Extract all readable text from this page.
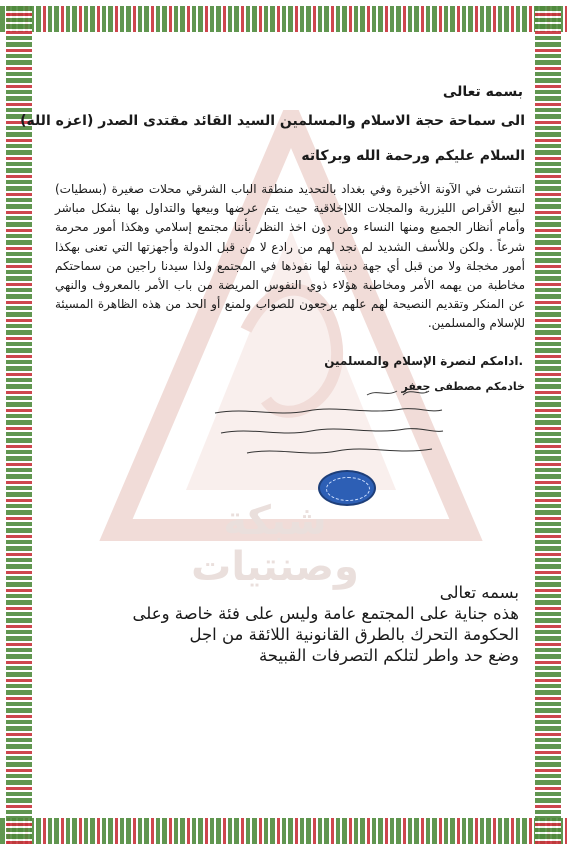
شبكة وصنتيات
بسمه تعالى
الى سماحة حجة الاسلام والمسلمين السيد القائد مقتدى الصدر (اعزه الله)
السلام عليكم ورحمة الله وبركاته
انتشرت في الآونة الأخيرة وفي بغداد بالتحديد منطقة الباب الشرقي محلات صغيرة (بسطيات) لبيع الأقراص الليزرية والمجلات اللاإخلاقية حيث يتم عرضها وبيعها والتداول بها بشكل مباشر وأمام أنظار الجميع ومنها النساء ومن دون اخذ النظر بأننا مجتمع إسلامي وهكذا أمور محرمة شرعاً . ولكن وللأسف الشديد لم نجد لهم من رادع لا من قبل الدولة وأجهزتها التي تعنى بهكذا أمور مخجلة ولا من قبل أي جهة دينية لها نفوذها في المجتمع ولذا سيدنا راجين من سماحتكم مخاطبة من يهمه الأمر ومخاطبة هؤلاء ذوي النفوس المريضة من باب الأمر بالمعروف والنهي عن المنكر وتقديم النصيحة لهم علهم يرجعون للصواب ولمنع أو الحد من هذه الظاهرة المسيئة للإسلام والمسلمين.
ادامكم لنصرة الإسلام والمسلمين.
خادمكم مصطفى جعفر
بسمه تعالى
هذه جناية على المجتمع عامة وليس على فئة خاصة وعلى
الحكومة التحرك بالطرق القانونية اللائقة من اجل
وضع حد واطر لتلكم التصرفات القبيحة
